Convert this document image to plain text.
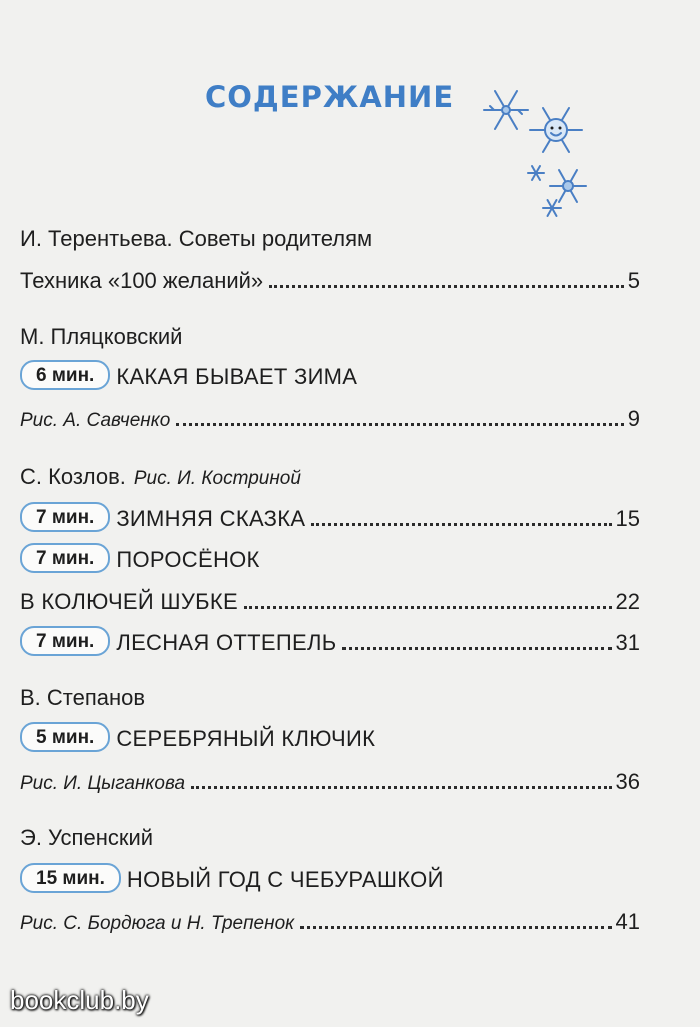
СОДЕРЖАНИЕ
И. Терентьева. Советы родителям
Техника «100 желаний»	5
М. Пляцковский
6 мин.	КАКАЯ БЫВАЕТ ЗИМА
Рис. А. Савченко	9
С. Козлов. Рис. И. Костриной
7 мин.	ЗИМНЯЯ СКАЗКА	15
7 мин.	ПОРОСЁНОК
В КОЛЮЧЕЙ ШУБКЕ	22
7 мин.	ЛЕСНАЯ ОТТЕПЕЛЬ	31
В. Степанов
5 мин.	СЕРЕБРЯНЫЙ КЛЮЧИК
Рис. И. Цыганкова	36
Э. Успенский
15 мин.	НОВЫЙ ГОД С ЧЕБУРАШКОЙ
Рис. С. Бордюга и Н. Трепенок	41
bookclub.by
